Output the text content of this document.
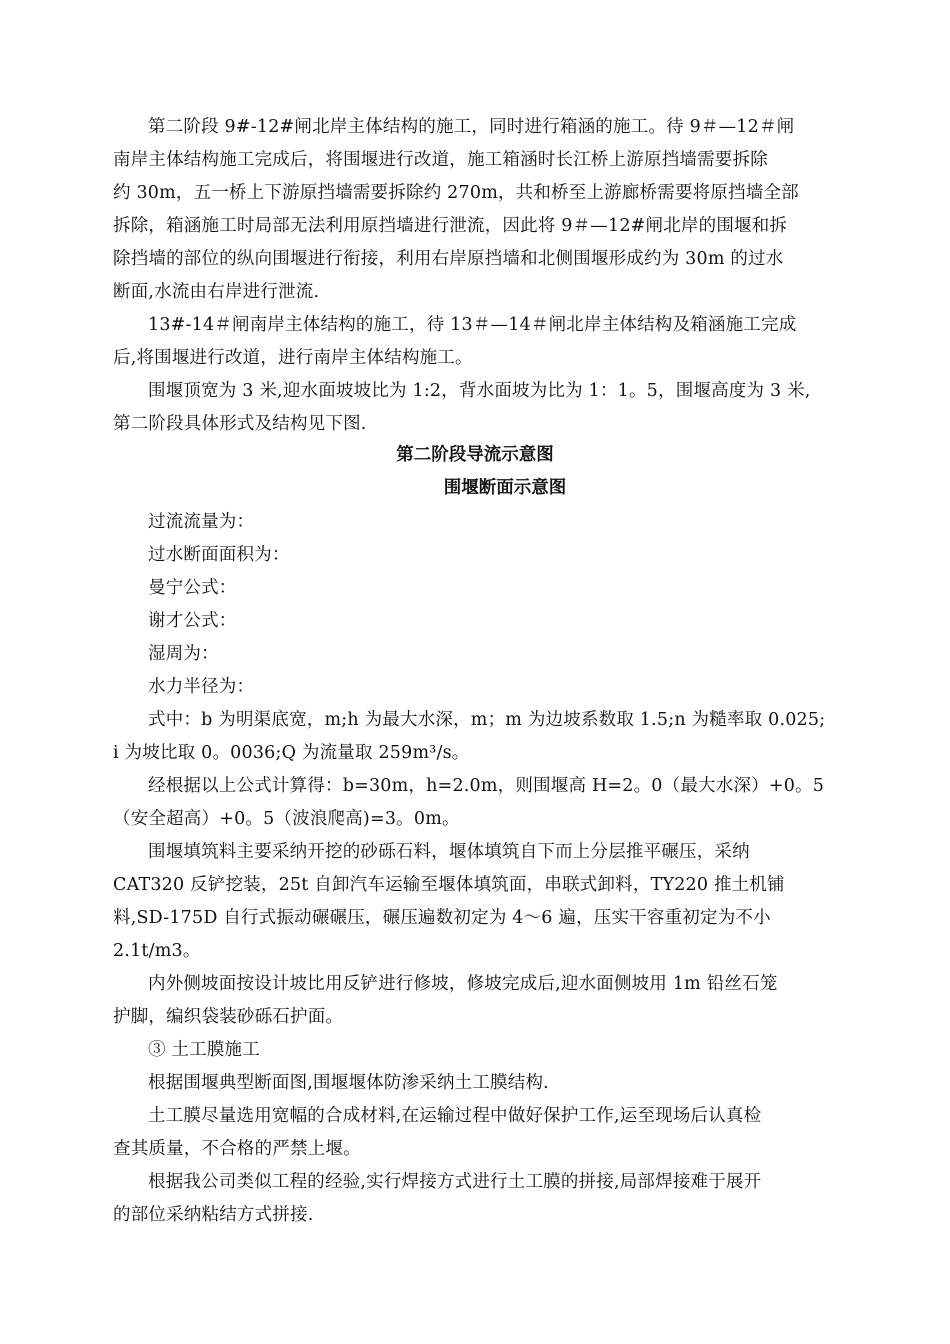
第二阶段 9#-12#闸北岸主体结构的施工，同时进行箱涵的施工。待 9＃—12＃闸
南岸主体结构施工完成后，将围堰进行改道，施工箱涵时长江桥上游原挡墙需要拆除
约 30m，五一桥上下游原挡墙需要拆除约 270m，共和桥至上游廊桥需要将原挡墙全部
拆除，箱涵施工时局部无法利用原挡墙进行泄流，因此将 9＃—12#闸北岸的围堰和拆
除挡墙的部位的纵向围堰进行衔接，利用右岸原挡墙和北侧围堰形成约为 30m 的过水
断面,水流由右岸进行泄流.
13#-14＃闸南岸主体结构的施工，待 13＃—14＃闸北岸主体结构及箱涵施工完成
后,将围堰进行改道，进行南岸主体结构施工。
围堰顶宽为 3 米,迎水面坡坡比为 1:2，背水面坡为比为 1：1。5，围堰高度为 3 米,
第二阶段具体形式及结构见下图.
第二阶段导流示意图
围堰断面示意图
过流流量为：
过水断面面积为：
曼宁公式：
谢才公式：
湿周为：
水力半径为：
式中：b 为明渠底宽，m;h 为最大水深，m；m 为边坡系数取 1.5;n 为糙率取 0.025;
i 为坡比取 0。0036;Q 为流量取 259m³/s。
经根据以上公式计算得：b=30m，h=2.0m，则围堰高 H=2。0（最大水深）+0。5
（安全超高）+0。5（波浪爬高)=3。0m。
围堰填筑料主要采纳开挖的砂砾石料，堰体填筑自下而上分层推平碾压，采纳
CAT320 反铲挖装，25t 自卸汽车运输至堰体填筑面，串联式卸料，TY220 推土机铺
料,SD-175D 自行式振动碾碾压，碾压遍数初定为 4～6 遍，压实干容重初定为不小
2.1t/m3。
内外侧坡面按设计坡比用反铲进行修坡，修坡完成后,迎水面侧坡用 1m 铅丝石笼
护脚，编织袋装砂砾石护面。
③ 土工膜施工
根据围堰典型断面图,围堰堰体防渗采纳土工膜结构.
土工膜尽量选用宽幅的合成材料,在运输过程中做好保护工作,运至现场后认真检
查其质量，不合格的严禁上堰。
根据我公司类似工程的经验,实行焊接方式进行土工膜的拼接,局部焊接难于展开
的部位采纳粘结方式拼接.
